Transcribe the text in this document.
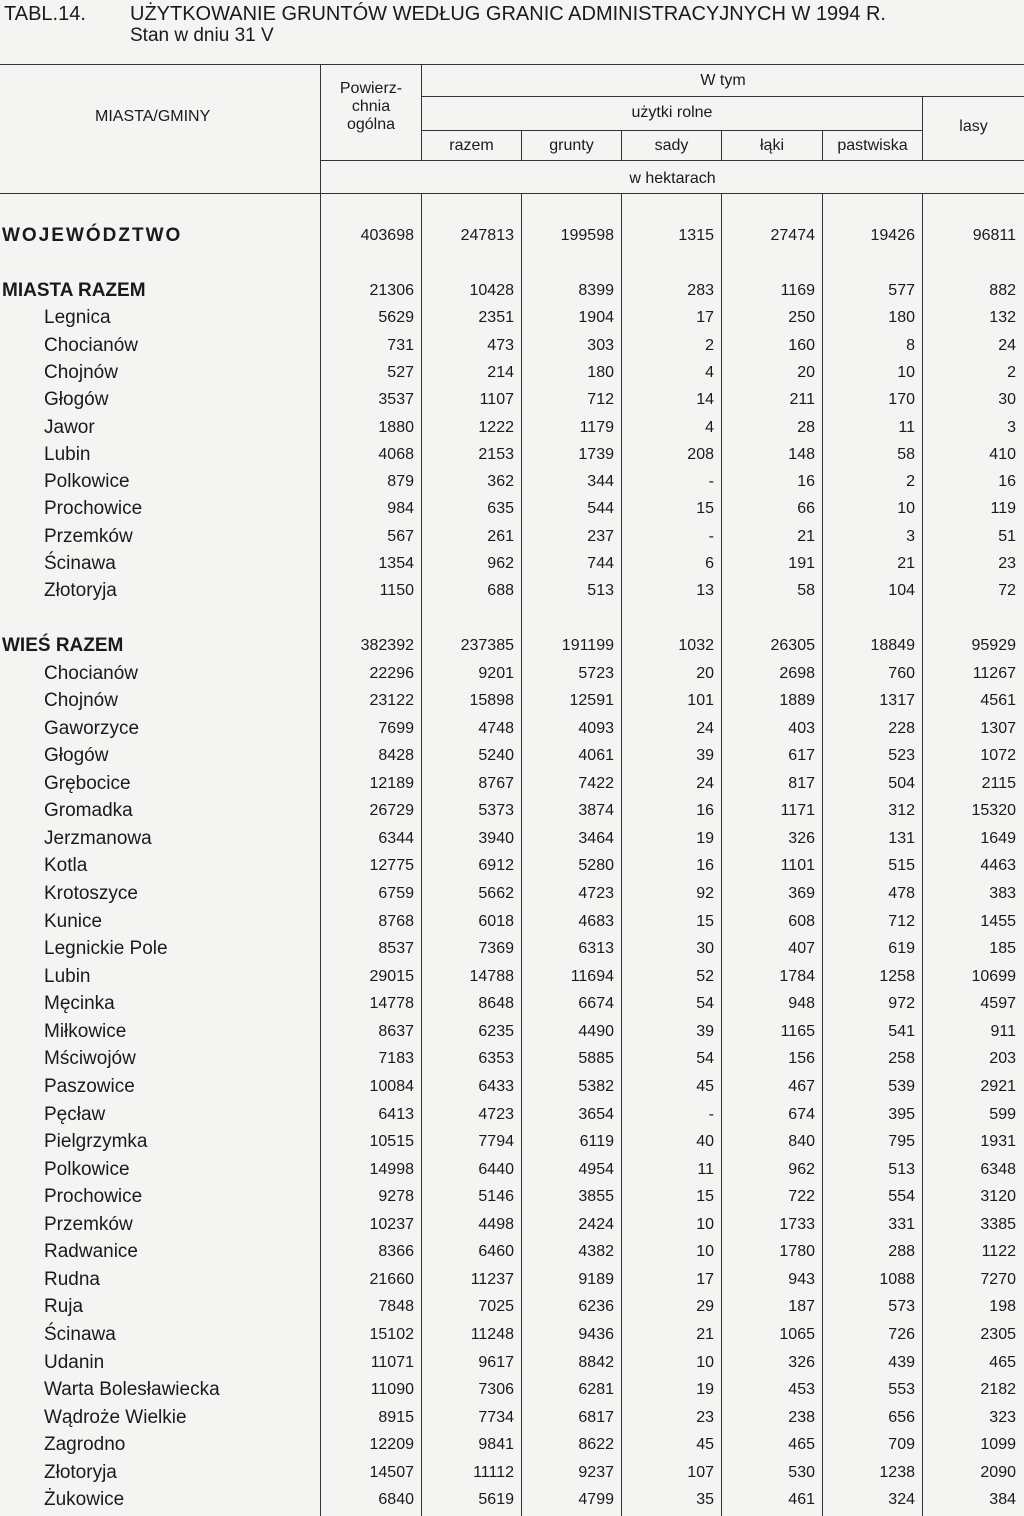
TABL.14. UŻYTKOWANIE GRUNTÓW WEDŁUG GRANIC ADMINISTRACYJNYCH W 1994 R.
Stan w dniu 31 V
MIASTA/GMINY
Powierz-
chnia
ogólna
W tym
użytki rolne
razem	grunty	sady	łąki	pastwiska
lasy
w hektarach
WOJEWÓDZTWO	403698	247813	199598	1315	27474	19426	96811
MIASTA RAZEM	21306	10428	8399	283	1169	577	882
Legnica	5629	2351	1904	17	250	180	132
Chocianów	731	473	303	2	160	8	24
Chojnów	527	214	180	4	20	10	2
Głogów	3537	1107	712	14	211	170	30
Jawor	1880	1222	1179	4	28	11	3
Lubin	4068	2153	1739	208	148	58	410
Polkowice	879	362	344	-	16	2	16
Prochowice	984	635	544	15	66	10	119
Przemków	567	261	237	-	21	3	51
Ścinawa	1354	962	744	6	191	21	23
Złotoryja	1150	688	513	13	58	104	72
WIEŚ RAZEM	382392	237385	191199	1032	26305	18849	95929
Chocianów	22296	9201	5723	20	2698	760	11267
Chojnów	23122	15898	12591	101	1889	1317	4561
Gaworzyce	7699	4748	4093	24	403	228	1307
Głogów	8428	5240	4061	39	617	523	1072
Grębocice	12189	8767	7422	24	817	504	2115
Gromadka	26729	5373	3874	16	1171	312	15320
Jerzmanowa	6344	3940	3464	19	326	131	1649
Kotla	12775	6912	5280	16	1101	515	4463
Krotoszyce	6759	5662	4723	92	369	478	383
Kunice	8768	6018	4683	15	608	712	1455
Legnickie Pole	8537	7369	6313	30	407	619	185
Lubin	29015	14788	11694	52	1784	1258	10699
Męcinka	14778	8648	6674	54	948	972	4597
Miłkowice	8637	6235	4490	39	1165	541	911
Mściwojów	7183	6353	5885	54	156	258	203
Paszowice	10084	6433	5382	45	467	539	2921
Pęcław	6413	4723	3654	-	674	395	599
Pielgrzymka	10515	7794	6119	40	840	795	1931
Polkowice	14998	6440	4954	11	962	513	6348
Prochowice	9278	5146	3855	15	722	554	3120
Przemków	10237	4498	2424	10	1733	331	3385
Radwanice	8366	6460	4382	10	1780	288	1122
Rudna	21660	11237	9189	17	943	1088	7270
Ruja	7848	7025	6236	29	187	573	198
Ścinawa	15102	11248	9436	21	1065	726	2305
Udanin	11071	9617	8842	10	326	439	465
Warta Bolesławiecka	11090	7306	6281	19	453	553	2182
Wądroże Wielkie	8915	7734	6817	23	238	656	323
Zagrodno	12209	9841	8622	45	465	709	1099
Złotoryja	14507	11112	9237	107	530	1238	2090
Żukowice	6840	5619	4799	35	461	324	384
